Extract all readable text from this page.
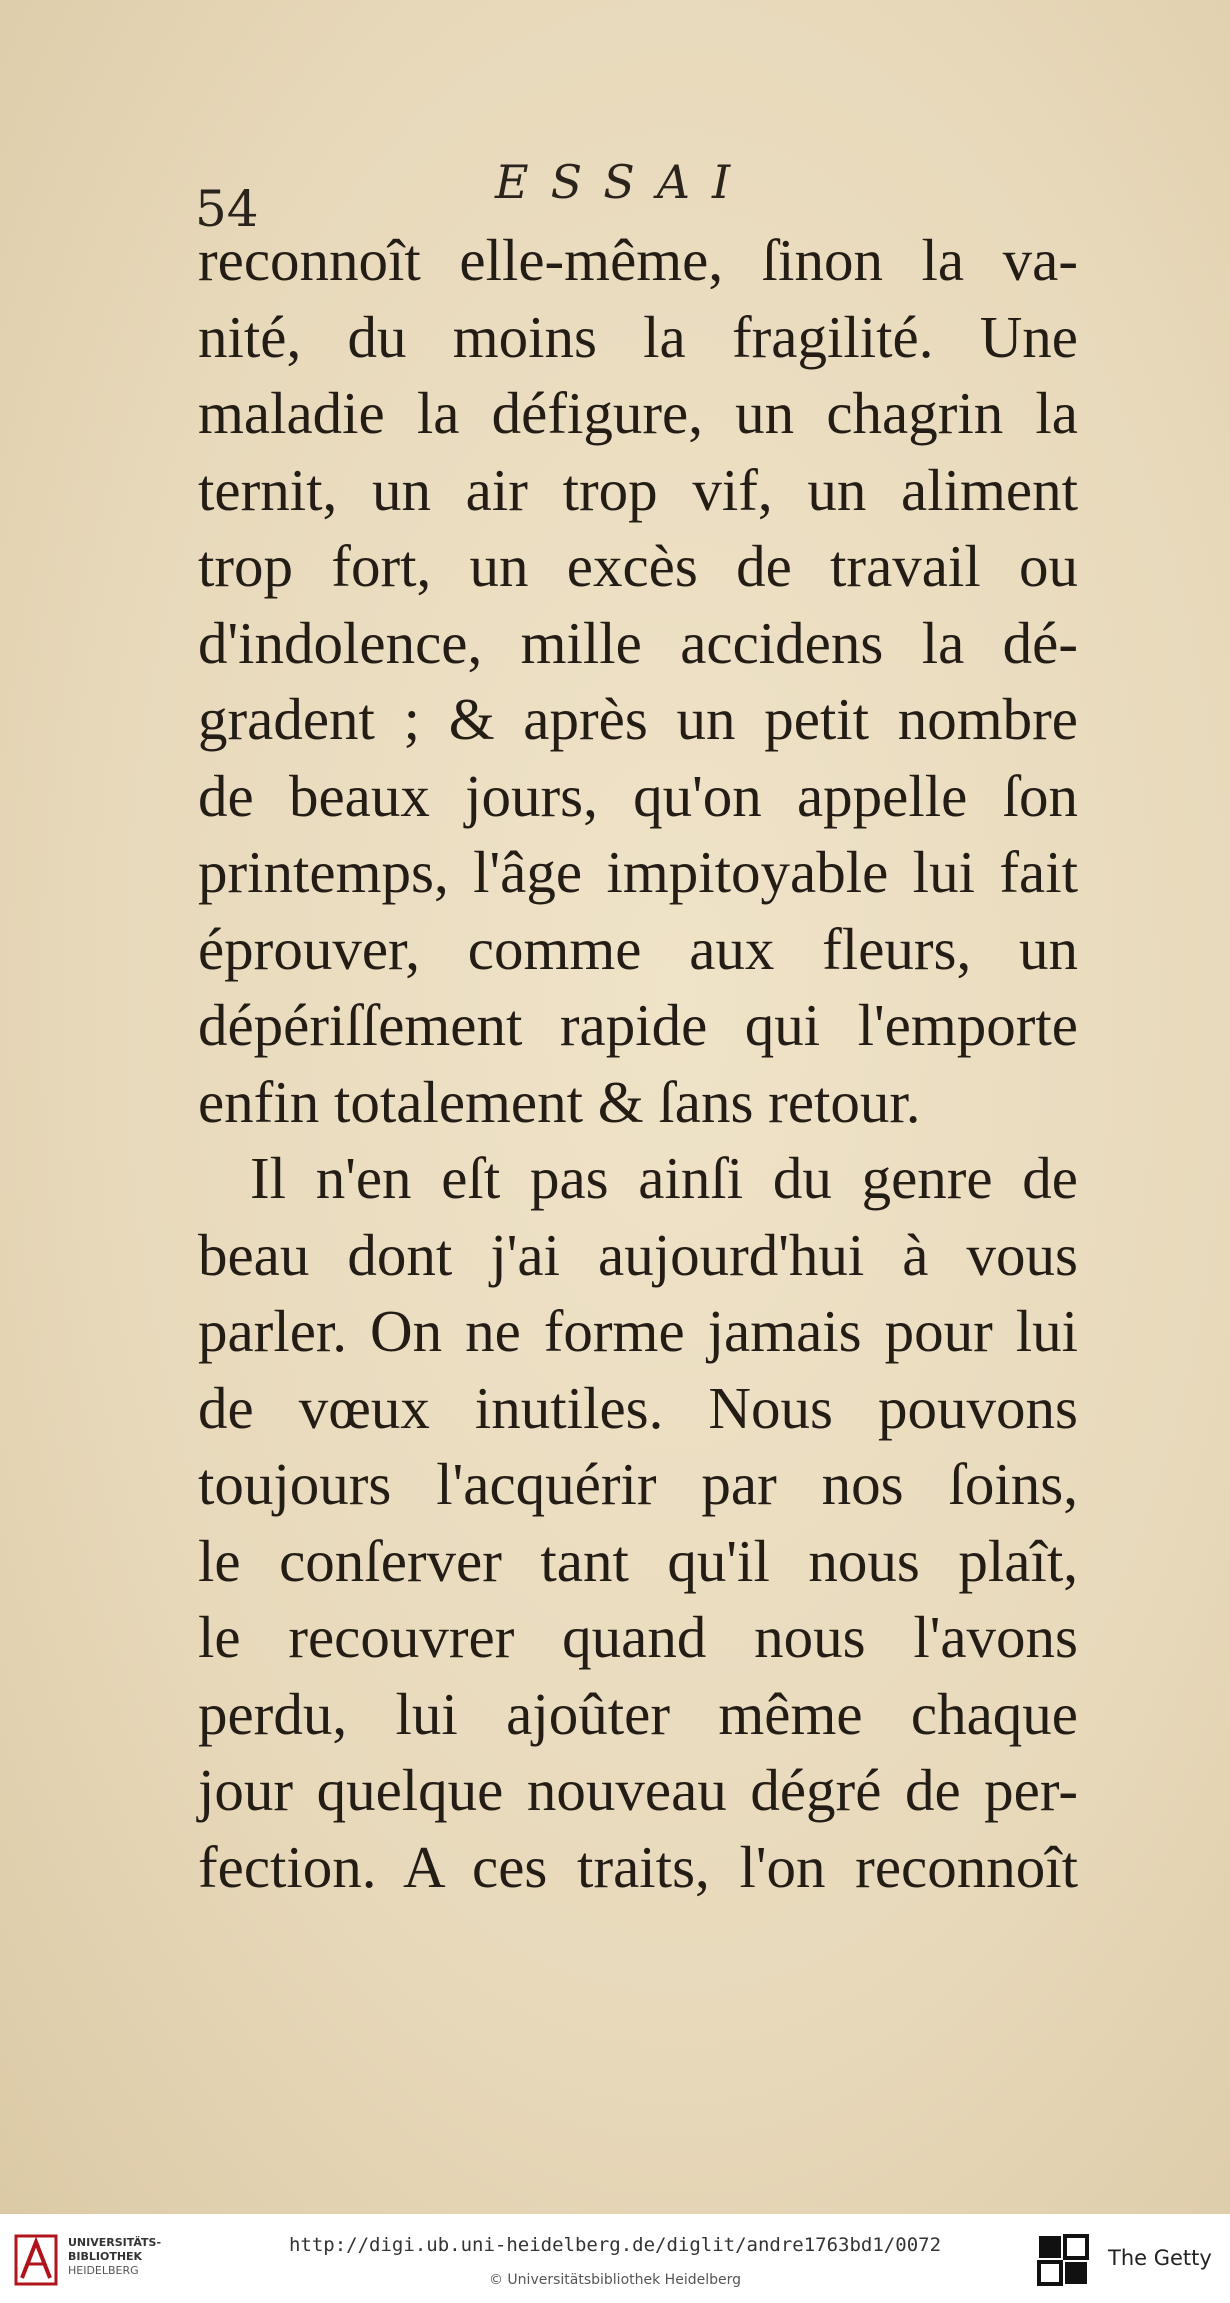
54	ESSAI
reconnoît elle-même, ſinon la va-
nité, du moins la fragilité. Une
maladie la défigure, un chagrin la
ternit, un air trop vif, un aliment
trop fort, un excès de travail ou
d'indolence, mille accidens la dé-
gradent ; & après un petit nombre
de beaux jours, qu'on appelle ſon
printemps, l'âge impitoyable lui fait
éprouver, comme aux fleurs, un
dépériſſement rapide qui l'emporte
enfin totalement & ſans retour.
Il n'en eſt pas ainſi du genre de
beau dont j'ai aujourd'hui à vous
parler. On ne forme jamais pour lui
de vœux inutiles. Nous pouvons
toujours l'acquérir par nos ſoins,
le conſerver tant qu'il nous plaît,
le recouvrer quand nous l'avons
perdu, lui ajoûter même chaque
jour quelque nouveau dégré de per-
fection. A ces traits, l'on reconnoît
UNIVERSITÄTS-
BIBLIOTHEK
HEIDELBERG
http://digi.ub.uni-heidelberg.de/diglit/andre1763bd1/0072
© Universitätsbibliothek Heidelberg
The Getty
